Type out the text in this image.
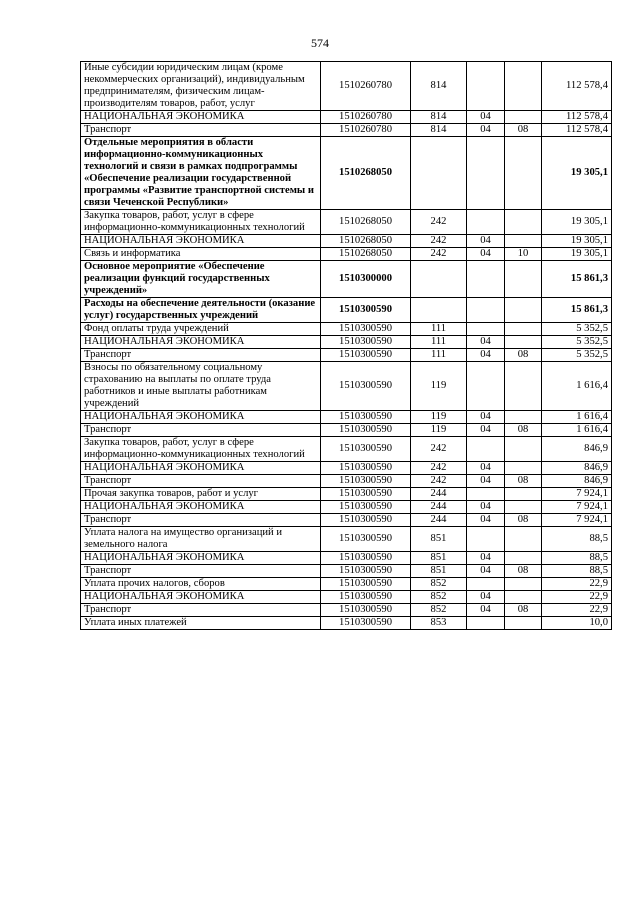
574
Иные субсидии юридическим лицам (кроме некоммерческих организаций), индивидуальным предпринимателям, физическим лицам-производителям товаров, работ, услуг	1510260780	814			112 578,4
НАЦИОНАЛЬНАЯ ЭКОНОМИКА	1510260780	814	04		112 578,4
Транспорт	1510260780	814	04	08	112 578,4
Отдельные мероприятия в области информационно-коммуникационных технологий и связи в рамках подпрограммы «Обеспечение реализации государственной программы «Развитие транспортной системы и связи Чеченской Республики»	1510268050				19 305,1
Закупка товаров, работ, услуг в сфере информационно-коммуникационных технологий	1510268050	242			19 305,1
НАЦИОНАЛЬНАЯ ЭКОНОМИКА	1510268050	242	04		19 305,1
Связь и информатика	1510268050	242	04	10	19 305,1
Основное мероприятие «Обеспечение реализации функций государственных учреждений»	1510300000				15 861,3
Расходы на обеспечение деятельности (оказание услуг) государственных учреждений	1510300590				15 861,3
Фонд оплаты труда учреждений	1510300590	111			5 352,5
НАЦИОНАЛЬНАЯ ЭКОНОМИКА	1510300590	111	04		5 352,5
Транспорт	1510300590	111	04	08	5 352,5
Взносы по обязательному социальному страхованию на выплаты по оплате труда работников и иные выплаты работникам учреждений	1510300590	119			1 616,4
НАЦИОНАЛЬНАЯ ЭКОНОМИКА	1510300590	119	04		1 616,4
Транспорт	1510300590	119	04	08	1 616,4
Закупка товаров, работ, услуг в сфере информационно-коммуникационных технологий	1510300590	242			846,9
НАЦИОНАЛЬНАЯ ЭКОНОМИКА	1510300590	242	04		846,9
Транспорт	1510300590	242	04	08	846,9
Прочая закупка товаров, работ и услуг	1510300590	244			7 924,1
НАЦИОНАЛЬНАЯ ЭКОНОМИКА	1510300590	244	04		7 924,1
Транспорт	1510300590	244	04	08	7 924,1
Уплата налога на имущество организаций и земельного налога	1510300590	851			88,5
НАЦИОНАЛЬНАЯ ЭКОНОМИКА	1510300590	851	04		88,5
Транспорт	1510300590	851	04	08	88,5
Уплата прочих налогов, сборов	1510300590	852			22,9
НАЦИОНАЛЬНАЯ ЭКОНОМИКА	1510300590	852	04		22,9
Транспорт	1510300590	852	04	08	22,9
Уплата иных платежей	1510300590	853			10,0
